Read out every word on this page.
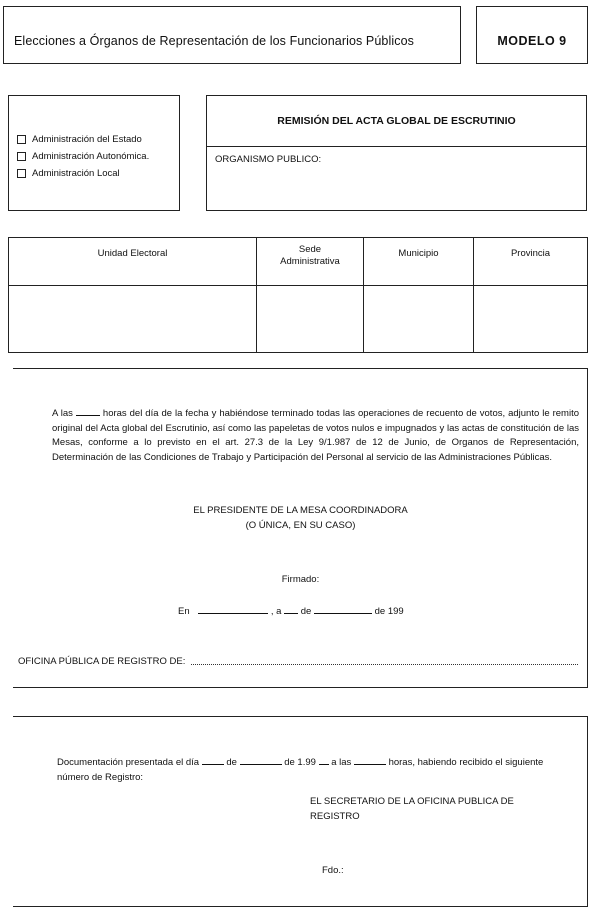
Elecciones a Órganos de Representación de los Funcionarios Públicos	MODELO 9
Administración del Estado
Administración Autonómica.
Administración Local
REMISIÓN DEL ACTA GLOBAL DE ESCRUTINIO
ORGANISMO PUBLICO:
Unidad Electoral	Sede Administrativa	Municipio	Provincia

A las	horas del día de la fecha y habiéndose terminado todas las operaciones de recuento de votos, adjunto le remito original del Acta global del Escrutinio, así como las papeletas de votos nulos e impugnados y las actas de constitución de las Mesas, conforme a lo previsto en el art. 27.3 de la Ley 9/1.987 de 12 de Junio, de Organos de Representación, Determinación de las Condiciones de Trabajo y Participación del Personal al servicio de las Administraciones Públicas.
EL PRESIDENTE DE LA MESA COORDINADORA
(O ÚNICA, EN SU CASO)
Firmado:
En	, a de	de 199
OFICINA PÚBLICA DE REGISTRO DE:
Documentación presentada el día	de	de 1.99 a las	horas, habiendo recibido el siguiente número de Registro:
EL SECRETARIO DE LA OFICINA PUBLICA DE
REGISTRO
Fdo.:
